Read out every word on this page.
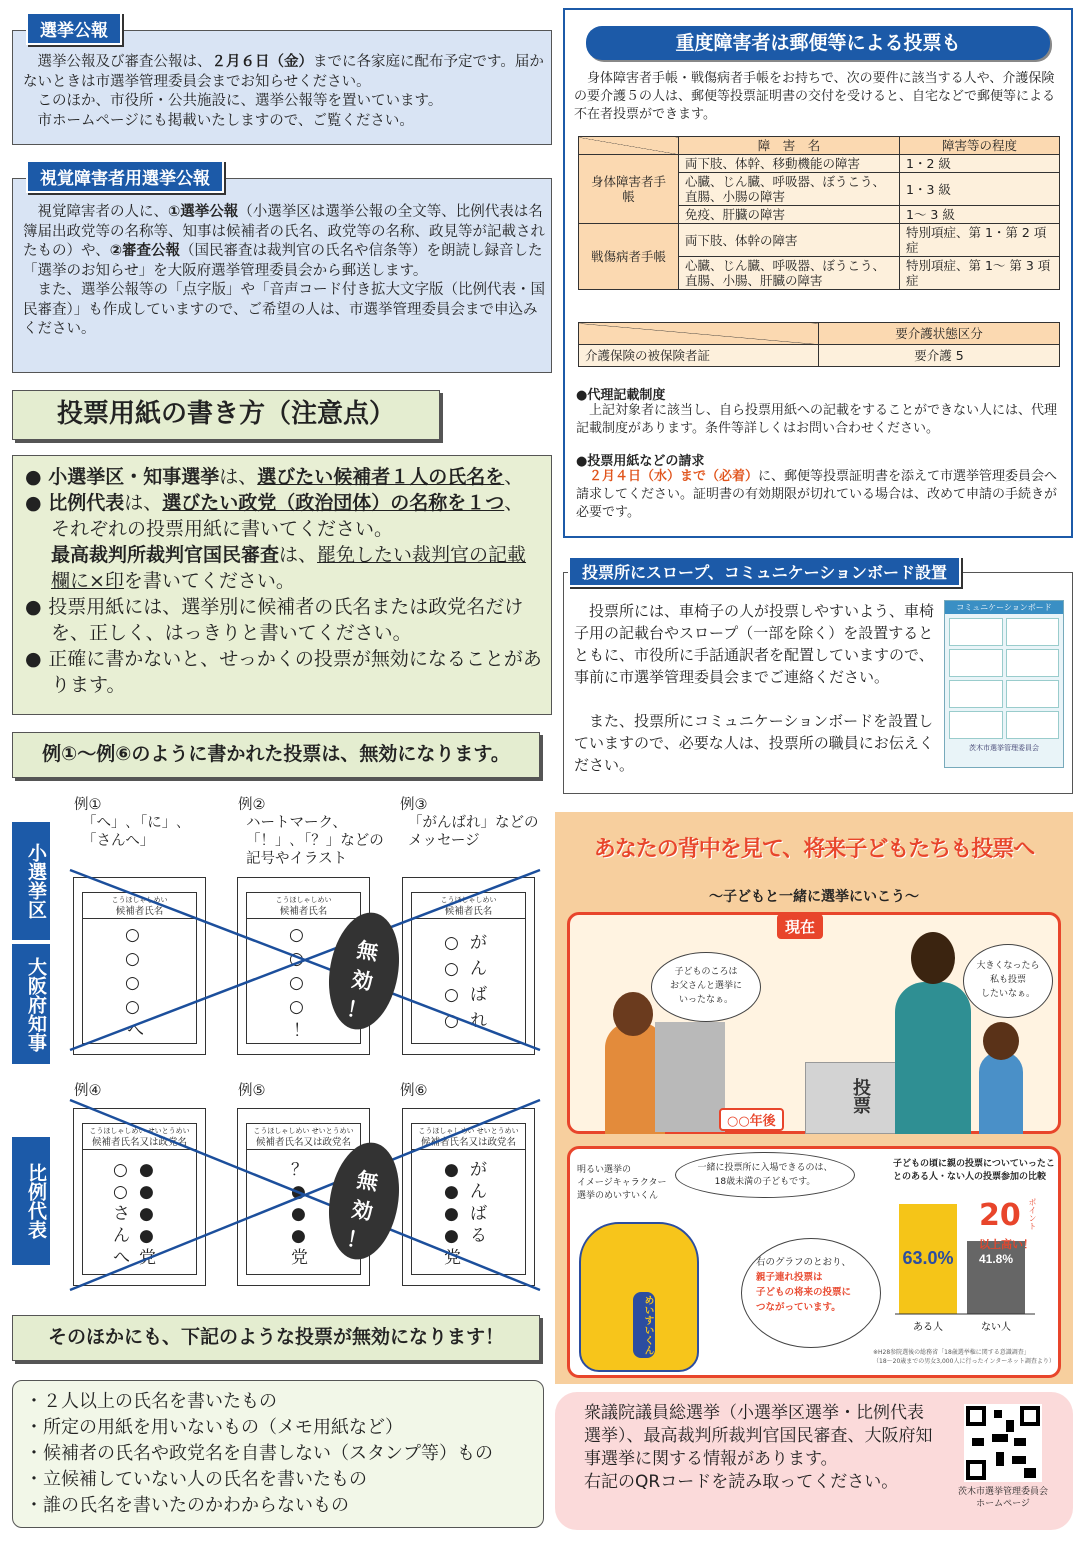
選挙公報及び審査公報は、２月６日（金）までに各家庭に配布予定です。届かないときは市選挙管理委員会までお知らせください。
このほか、市役所・公共施設に、選挙公報等を置いています。
市ホームページにも掲載いたしますので、ご覧ください。
選挙公報
視覚障害者の人に、①選挙公報（小選挙区は選挙公報の全文等、比例代表は名簿届出政党等の名称等、知事は候補者の氏名、政党等の名称、政見等が記載されたもの）や、②審査公報（国民審査は裁判官の氏名や信条等）を朗読し録音した「選挙のお知らせ」を大阪府選挙管理委員会から郵送します。
また、選挙公報等の「点字版」や「音声コード付き拡大文字版（比例代表・国民審査）」も作成していますので、ご希望の人は、市選挙管理委員会まで申込みください。
視覚障害者用選挙公報
投票用紙の書き方（注意点）
● 小選挙区・知事選挙は、選びたい候補者１人の氏名を、
● 比例代表は、選びたい政党（政治団体）の名称を１つ、
それぞれの投票用紙に書いてください。
最高裁判所裁判官国民審査は、罷免したい裁判官の記載欄に×印を書いてください。
● 投票用紙には、選挙別に候補者の氏名または政党名だけを、正しく、はっきりと書いてください。
● 正確に書かないと、せっかくの投票が無効になることがあります。
例①～例⑥のように書かれた投票は、無効になります。
小選挙区
大阪府知事
比例代表
例①
「へ」､「に」､
「さんへ」
例②
ハートマーク、
「！」､「？」などの
記号やイラスト
例③
「がんばれ」などの
メッセージ
こうほしゃしめい
候補者氏名
○
○
○
○
へ
こうほしゃしめい
候補者氏名
○
○
○
○
！
こうほしゃしめい
候補者氏名
○ が
○ ん
○ ば
○ れ
例④	例⑤	例⑥
こうほしゃしめい せいとうめい
候補者氏名又は政党名
○ ●
○ ●
さ ●
ん ●
へ 党
こうほしゃしめい せいとうめい
候補者氏名又は政党名
？
●
●
●
党
こうほしゃしめい せいとうめい
候補者氏名又は政党名
● が
● ん
● ば
● る
党
無
効
！
無
効
！
そのほかにも、下記のような投票が無効になります！
・２人以上の氏名を書いたもの
・所定の用紙を用いないもの（メモ用紙など）
・候補者の氏名や政党名を自書しない（スタンプ等）もの
・立候補していない人の氏名を書いたもの
・誰の氏名を書いたのかわからないもの
重度障害者は郵便等による投票も
身体障害者手帳・戦傷病者手帳をお持ちで、次の要件に該当する人や、介護保険の要介護５の人は、郵便等投票証明書の交付を受けると、自宅などで郵便等による不在者投票ができます。
	障　害　名	障害等の程度
身体障害者手帳	両下肢、体幹、移動機能の障害	1・2 級
	心臓、じん臓、呼吸器、ぼうこう、直腸、小腸の障害	1・3 級
	免疫、肝臓の障害	1～ 3 級
戦傷病者手帳	両下肢、体幹の障害	特別項症、第 1・第 2 項症
	心臓、じん臓、呼吸器、ぼうこう、直腸、小腸、肝臓の障害	特別項症、第 1～ 第 3 項症
	要介護状態区分
介護保険の被保険者証	要介護 5
●代理記載制度
上記対象者に該当し、自ら投票用紙への記載をすることができない人には、代理記載制度があります。条件等詳しくはお問い合わせください。
●投票用紙などの請求
２月４日（水）まで（必着）に、郵便等投票証明書を添えて市選挙管理委員会へ請求してください。証明書の有効期限が切れている場合は、改めて申請の手続きが必要です。
投票所にスロープ、コミュニケーションボード設置
投票所には、車椅子の人が投票しやすいよう、車椅子用の記載台やスロープ（一部を除く）を設置するとともに、市役所に手話通訳者を配置していますので、事前に市選挙管理委員会までご連絡ください。
また、投票所にコミュニケーションボードを設置していますので、必要な人は、投票所の職員にお伝えください。
コミュニケーションボード
茨木市選挙管理委員会
あなたの背中を見て、将来子どもたちも投票へ
～子どもと一緒に選挙にいこう～
現在
子どものころは
お父さんと選挙に
いったなぁ。
大きくなったら
私も投票
したいなぁ。
○○年後
投票
明るい選挙の
イメージキャラクター
選挙のめいすいくん
一緒に投票所に入場できるのは、
18歳未満の子どもです。
めいすいくん
右のグラフのとおり、
親子連れ投票は
子どもの将来の投票に
つながっています。
子どもの頃に親の投票についていったことのある人・ない人の投票参加の比較
63.0%
ある人
41.8%
ない人
20 ポイント
以上高い！
※H28参院選後の総務省「18歳選挙権に関する意識調査」
（18～20歳までの男女3,000人に行ったインターネット調査より）
衆議院議員総選挙（小選挙区選挙・比例代表選挙）、最高裁判所裁判官国民審査、大阪府知事選挙に関する情報があります。
右記のQRコードを読み取ってください。	茨木市選挙管理委員会
ホームページ
